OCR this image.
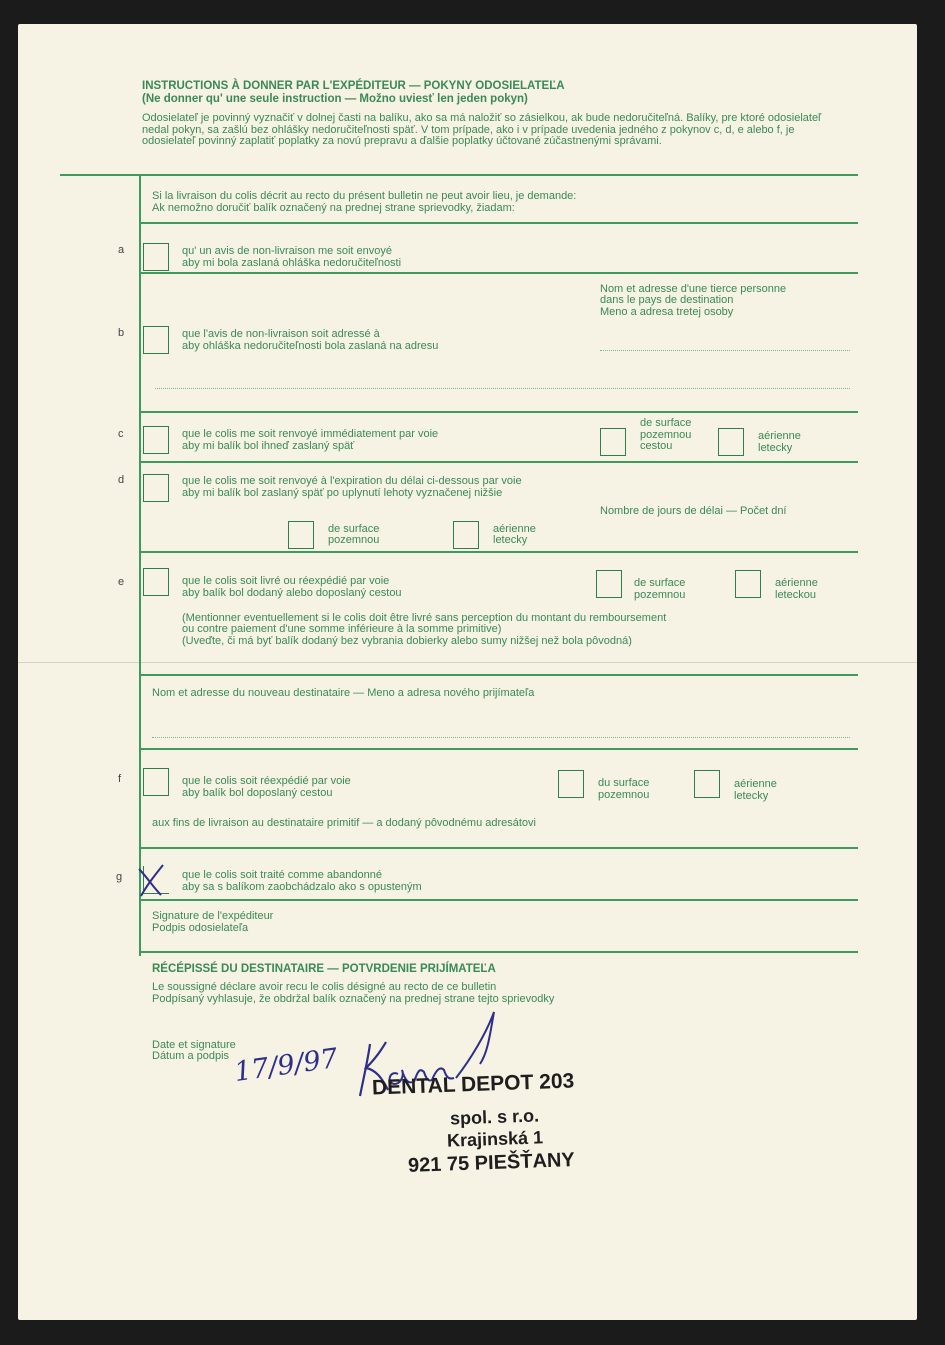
INSTRUCTIONS À DONNER PAR L'EXPÉDITEUR — POKYNY ODOSIELATEĽA
(Ne donner qu' une seule instruction — Možno uviesť len jeden pokyn)
Odosielateľ je povinný vyznačiť v dolnej časti na balíku, ako sa má naložiť so zásielkou, ak bude nedoručiteľná. Balíky, pre ktoré odosielateľ nedal pokyn, sa zašlú bez ohlášky nedoručiteľnosti späť. V tom prípade, ako i v prípade uvedenia jedného z pokynov c, d, e alebo f, je odosielateľ povinný zaplatiť poplatky za novú prepravu a ďalšie poplatky účtované zúčastnenými správami.
Si la livraison du colis décrit au recto du présent bulletin ne peut avoir lieu, je demande:
Ak nemožno doručiť balík označený na prednej strane sprievodky, žiadam:
a	qu' un avis de non-livraison me soit envoyé
aby mi bola zaslaná ohláška nedoručiteľnosti
Nom et adresse d'une tierce personne
dans le pays de destination
Meno a adresa tretej osoby
b	que l'avis de non-livraison soit adressé à
aby ohláška nedoručiteľnosti bola zaslaná na adresu
c	que le colis me soit renvoyé immédiatement par voie
aby mi balík bol ihneď zaslaný späť
de surface
pozemnou
cestou
aérienne
letecky
d	que le colis me soit renvoyé à l'expiration du délai ci-dessous par voie
aby mi balík bol zaslaný späť po uplynutí lehoty vyznačenej nižšie
Nombre de jours de délai — Počet dní
de surface
pozemnou
aérienne
letecky
e	que le colis soit livré ou réexpédié par voie
aby balík bol dodaný alebo doposlaný cestou
de surface
pozemnou
aérienne
leteckou
(Mentionner eventuellement si le colis doit être livré sans perception du montant du remboursement
ou contre paiement d'une somme inférieure à la somme primitive)
(Uveďte, či má byť balík dodaný bez vybrania dobierky alebo sumy nižšej než bola pôvodná)
Nom et adresse du nouveau destinataire — Meno a adresa nového prijímateľa
f	que le colis soit réexpédié par voie
aby balík bol doposlaný cestou
du surface
pozemnou
aérienne
letecky
aux fins de livraison au destinataire primitif — a dodaný pôvodnému adresátovi
g	que le colis soit traité comme abandonné
aby sa s balíkom zaobchádzalo ako s opusteným
Signature de l'expéditeur
Podpis odosielateľa
RÉCÉPISSÉ DU DESTINATAIRE — POTVRDENIE PRIJÍMATEĽA
Le soussigné déclare avoir recu le colis désigné au recto de ce bulletin
Podpísaný vyhlasuje, že obdržal balík označený na prednej strane tejto sprievodky
Date et signature
Dátum a podpis 17/9/97 DENTAL DEPOT 203
spol. s r.o.
Krajinská 1
921 75 PIEŠŤANY
